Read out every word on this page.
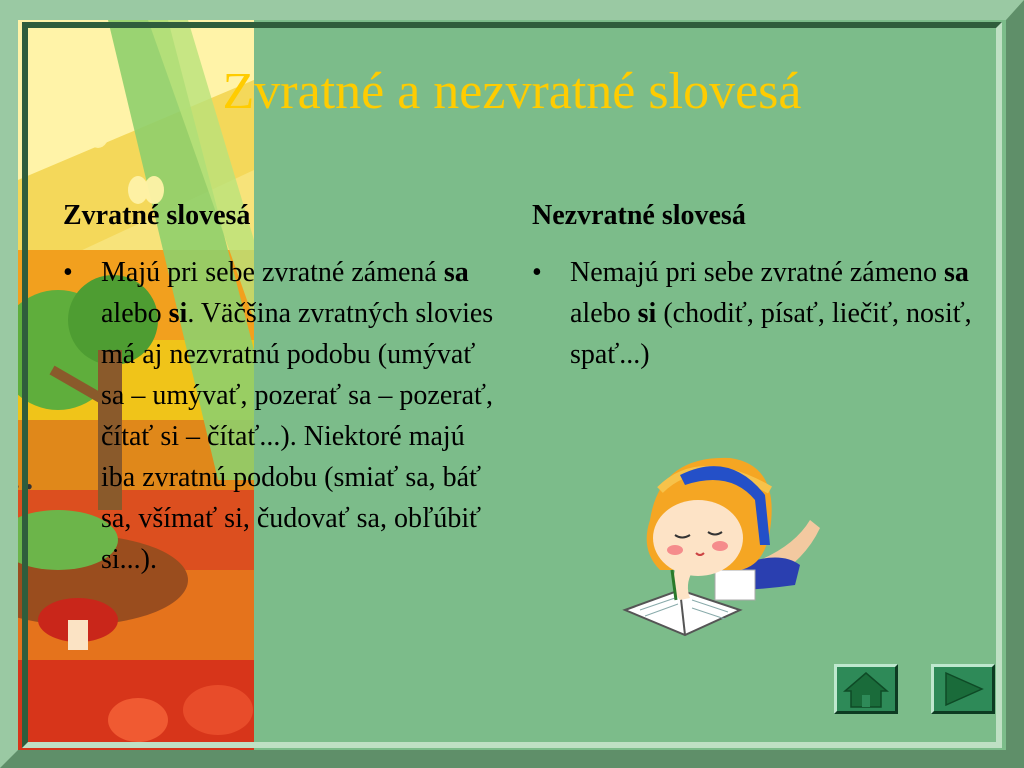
Zvratné a nezvratné slovesá
Zvratné slovesá
• Majú pri sebe zvratné zámená sa alebo si. Väčšina zvratných slovies má aj nezvratnú podobu (umývať sa – umývať, pozerať sa – pozerať, čítať si – čítať...). Niektoré majú iba zvratnú podobu (smiať sa, báť sa, všímať si, čudovať sa, obľúbiť si...).
• •
Nezvratné slovesá
• Nemajú pri sebe zvratné zámeno sa alebo si (chodiť, písať, liečiť, nosiť, spať...)
